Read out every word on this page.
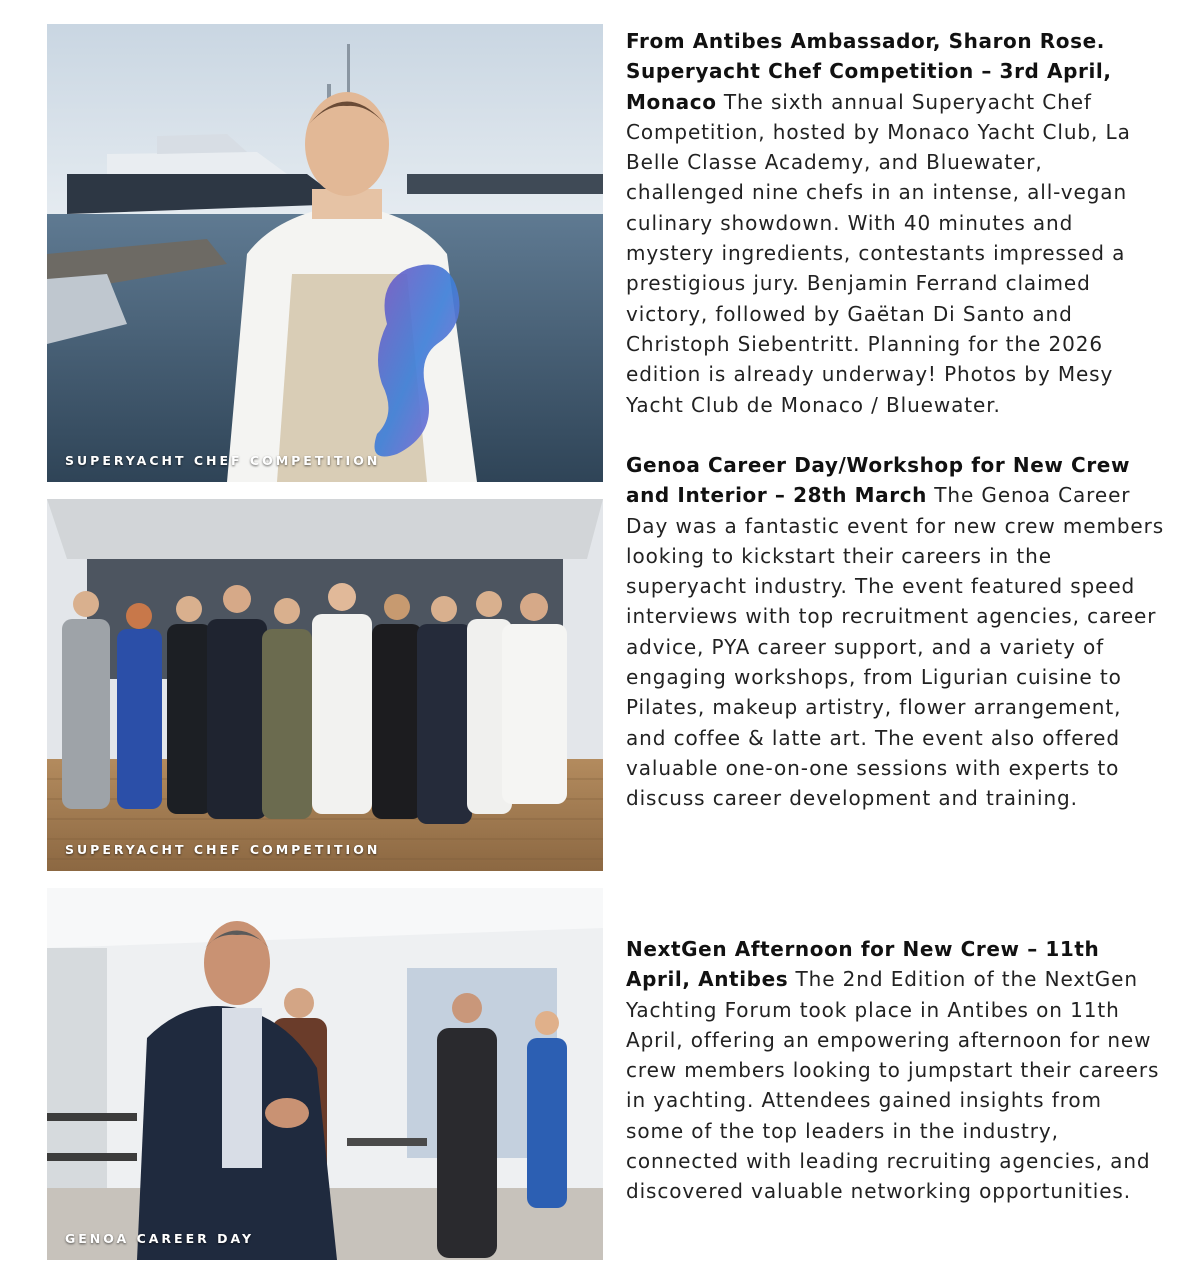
SUPERYACHT CHEF COMPETITION
SUPERYACHT CHEF COMPETITION
GENOA CAREER DAY
From Antibes Ambassador, Sharon Rose. Superyacht Chef Competition – 3rd April, Monaco The sixth annual Superyacht Chef Competition, hosted by Monaco Yacht Club, La Belle Classe Academy, and Bluewater, challenged nine chefs in an intense, all-vegan culinary showdown. With 40 minutes and mystery ingredients, contestants impressed a prestigious jury. Benjamin Ferrand claimed victory, followed by Gaëtan Di Santo and Christoph Siebentritt. Planning for the 2026 edition is already underway! Photos by Mesy Yacht Club de Monaco / Bluewater.
Genoa Career Day/Workshop for New Crew and Interior – 28th March The Genoa Career Day was a fantastic event for new crew members looking to kickstart their careers in the superyacht industry. The event featured speed interviews with top recruitment agencies, career advice, PYA career support, and a variety of engaging workshops, from Ligurian cuisine to Pilates, makeup artistry, flower arrangement, and coffee & latte art. The event also offered valuable one-on-one sessions with experts to discuss career development and training.
NextGen Afternoon for New Crew – 11th April, Antibes The 2nd Edition of the NextGen Yachting Forum took place in Antibes on 11th April, offering an empowering afternoon for new crew members looking to jumpstart their careers in yachting. Attendees gained insights from some of the top leaders in the industry, connected with leading recruiting agencies, and discovered valuable networking opportunities.
